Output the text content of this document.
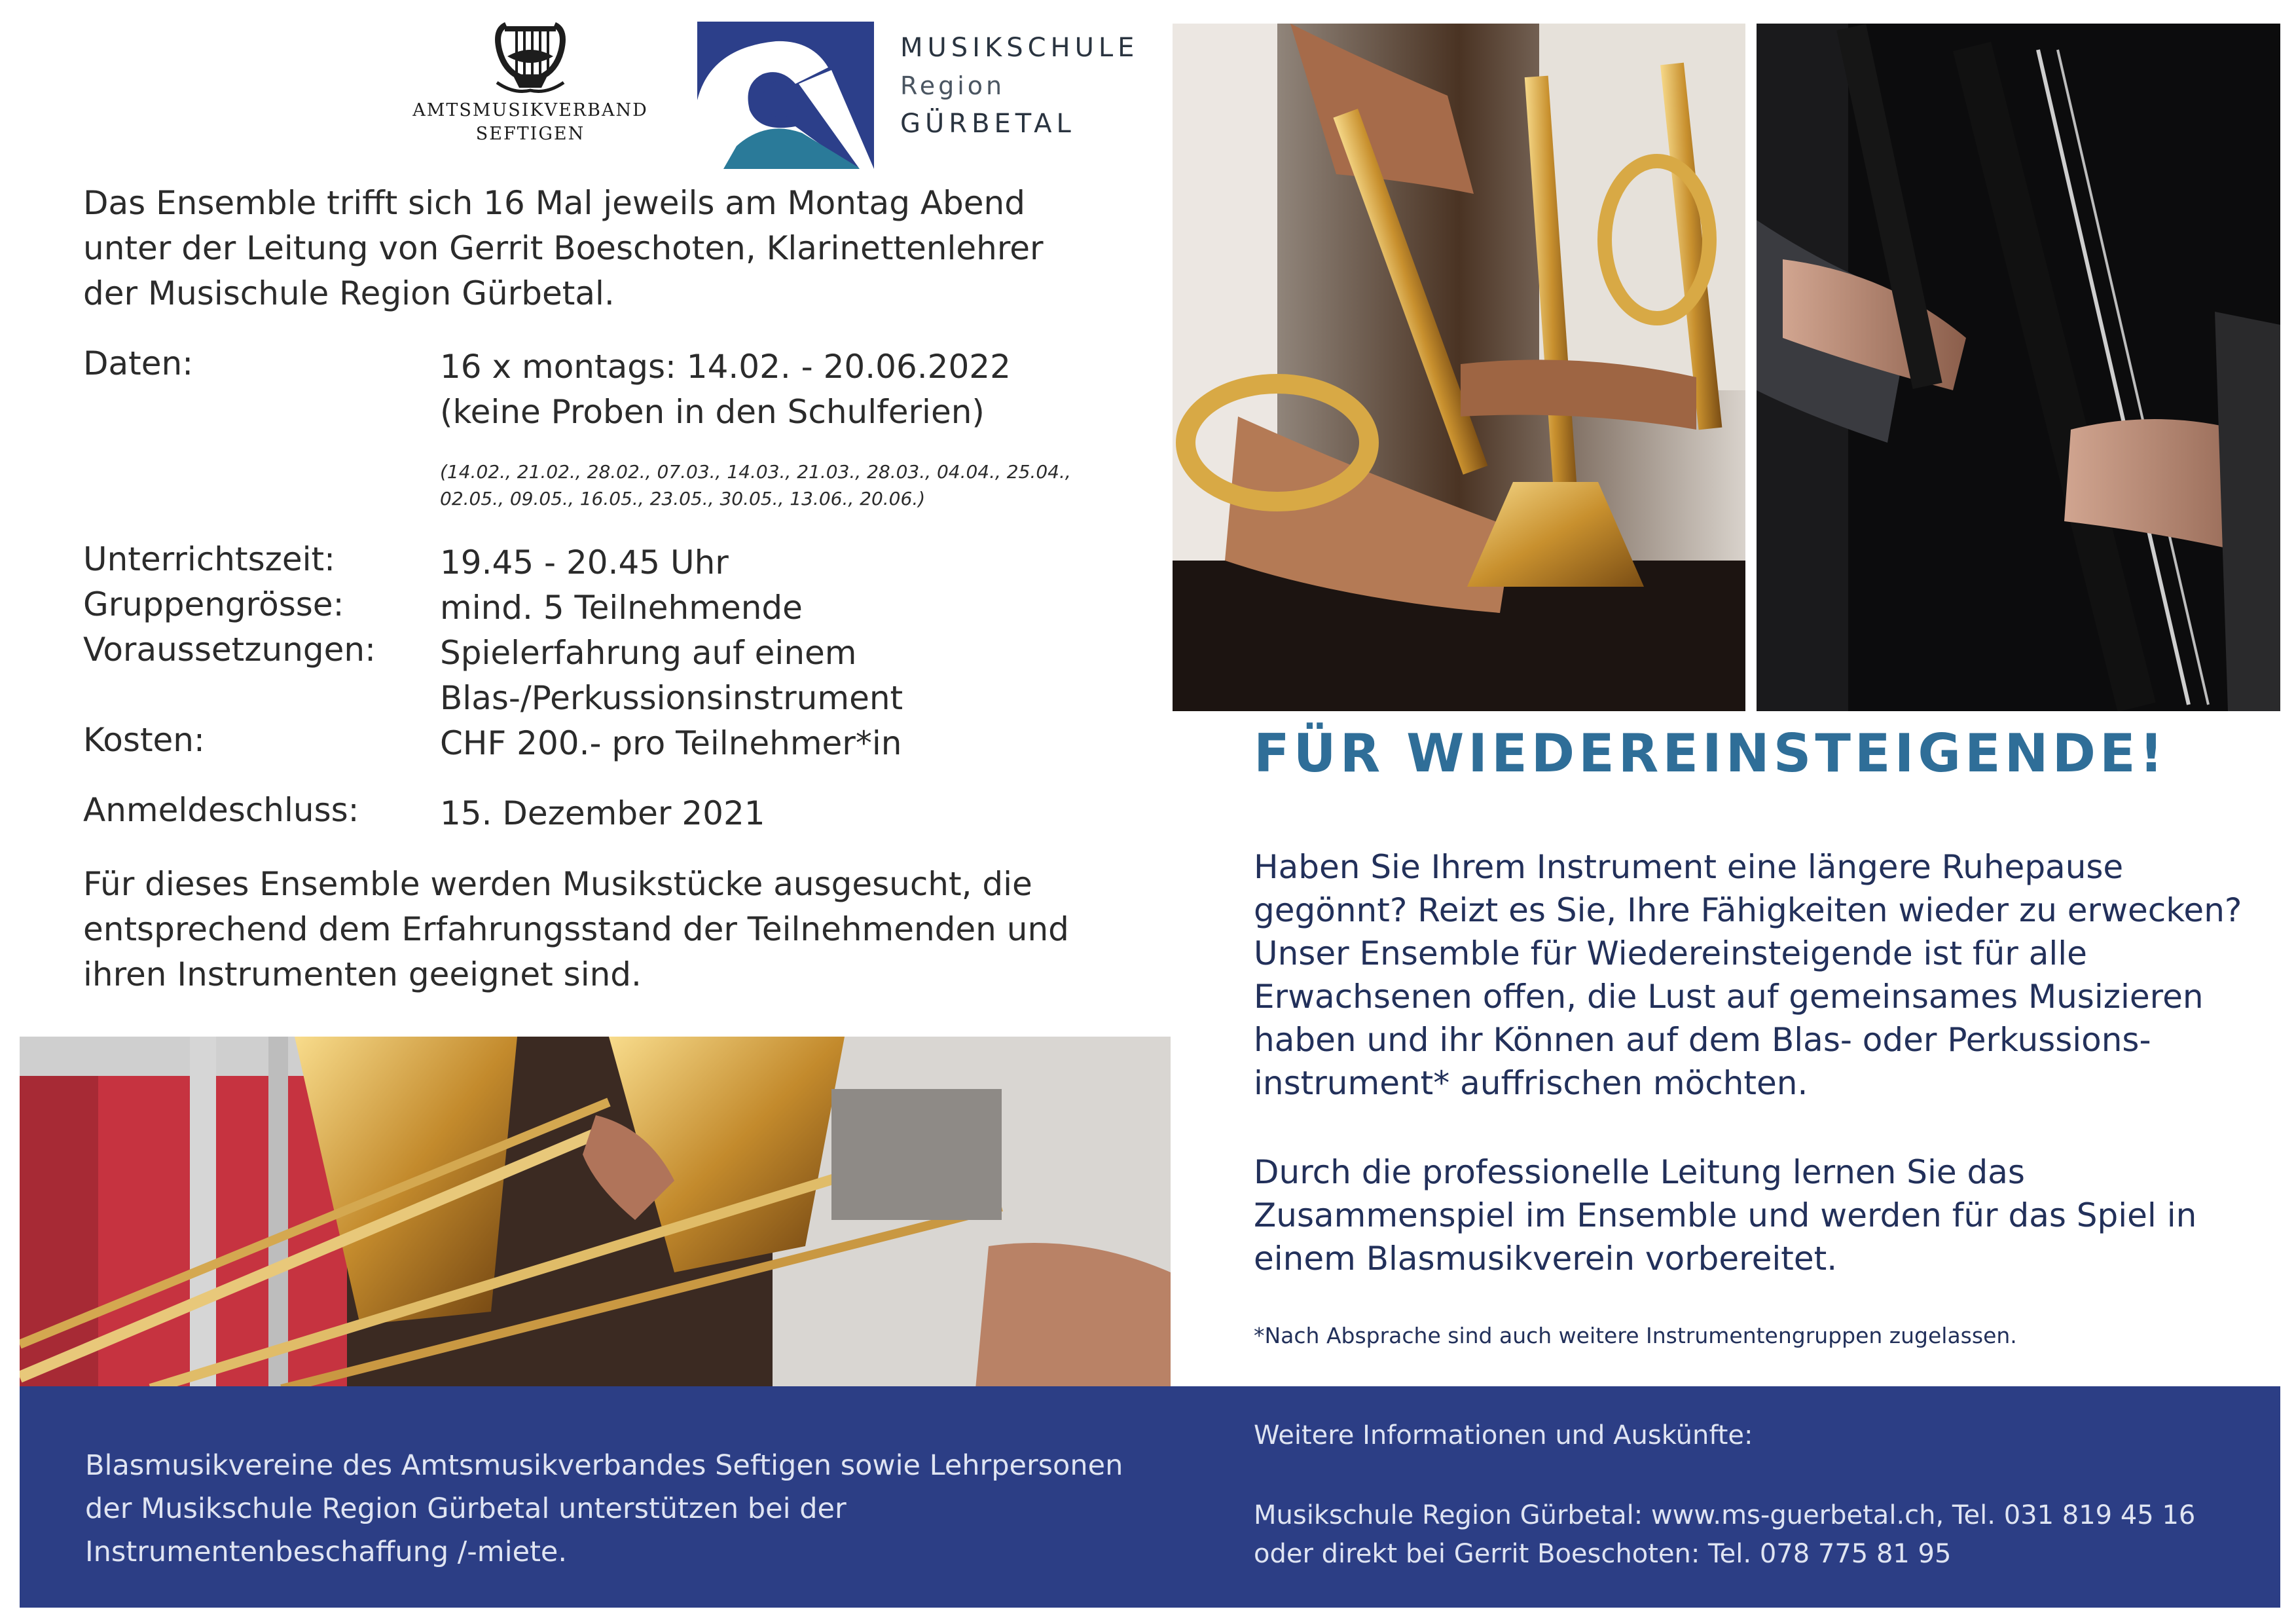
AMTSMUSIKVERBAND
SEFTIGEN
MUSIKSCHULE
Region
GÜRBETAL
Das Ensemble trifft sich 16 Mal jeweils am Montag Abend unter der Leitung von Gerrit Boeschoten, Klarinettenlehrer der Musischule Region Gürbetal.
Daten:	16 x montags: 14.02. - 20.06.2022
(keine Proben in den Schulferien)
(14.02., 21.02., 28.02., 07.03., 14.03., 21.03., 28.03., 04.04., 25.04., 02.05., 09.05., 16.05., 23.05., 30.05., 13.06., 20.06.)
Unterrichtszeit:	19.45 - 20.45 Uhr
Gruppengrösse:	mind. 5 Teilnehmende
Voraussetzungen: Spielerfahrung auf einem Blas-/Perkussionsinstrument
Kosten:	CHF 200.- pro Teilnehmer*in
Anmeldeschluss: 15. Dezember 2021
Für dieses Ensemble werden Musikstücke ausgesucht, die entsprechend dem Erfahrungsstand der Teilnehmenden und ihren Instrumenten geeignet sind.
FÜR WIEDEREINSTEIGENDE!
Haben Sie Ihrem Instrument eine längere Ruhepause gegönnt? Reizt es Sie, Ihre Fähigkeiten wieder zu erwecken? Unser Ensemble für Wiedereinsteigende ist für alle Erwachsenen offen, die Lust auf gemeinsames Musizieren haben und ihr Können auf dem Blas- oder Perkussions-instrument* auffrischen möchten.
Durch die professionelle Leitung lernen Sie das Zusammenspiel im Ensemble und werden für das Spiel in einem Blasmusikverein vorbereitet.
*Nach Absprache sind auch weitere Instrumentengruppen zugelassen.
Blasmusikvereine des Amtsmusikverbandes Seftigen sowie Lehrpersonen der Musikschule Region Gürbetal unterstützen bei der Instrumentenbeschaffung /-miete.
Weitere Informationen und Auskünfte:
Musikschule Region Gürbetal: www.ms-guerbetal.ch, Tel. 031 819 45 16
oder direkt bei Gerrit Boeschoten: Tel. 078 775 81 95
